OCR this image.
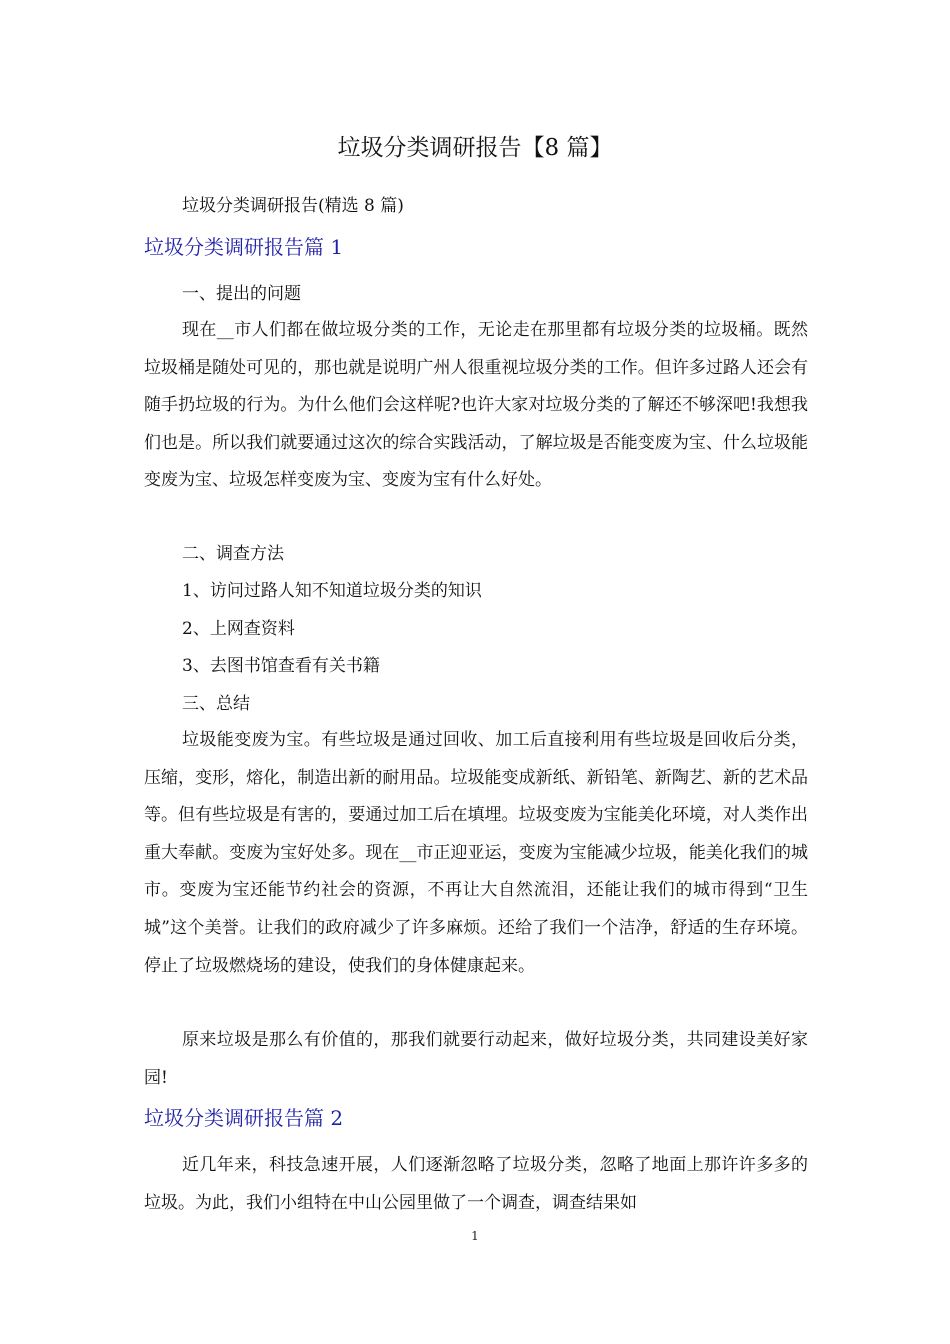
垃圾分类调研报告【8 篇】

垃圾分类调研报告(精选 8 篇)

垃圾分类调研报告篇 1

一、提出的问题

现在__市人们都在做垃圾分类的工作，无论走在那里都有垃圾分类的垃圾桶。既然垃圾桶是随处可见的，那也就是说明广州人很重视垃圾分类的工作。但许多过路人还会有随手扔垃圾的行为。为什么他们会这样呢?也许大家对垃圾分类的了解还不够深吧!我想我们也是。所以我们就要通过这次的综合实践活动，了解垃圾是否能变废为宝、什么垃圾能变废为宝、垃圾怎样变废为宝、变废为宝有什么好处。

二、调查方法

1、访问过路人知不知道垃圾分类的知识

2、上网查资料

3、去图书馆查看有关书籍

三、总结

垃圾能变废为宝。有些垃圾是通过回收、加工后直接利用有些垃圾是回收后分类，压缩，变形，熔化，制造出新的耐用品。垃圾能变成新纸、新铅笔、新陶艺、新的艺术品等。但有些垃圾是有害的，要通过加工后在填埋。垃圾变废为宝能美化环境，对人类作出重大奉献。变废为宝好处多。现在__市正迎亚运，变废为宝能减少垃圾，能美化我们的城市。变废为宝还能节约社会的资源，不再让大自然流泪，还能让我们的城市得到“卫生城”这个美誉。让我们的政府减少了许多麻烦。还给了我们一个洁净，舒适的生存环境。停止了垃圾燃烧场的建设，使我们的身体健康起来。

原来垃圾是那么有价值的，那我们就要行动起来，做好垃圾分类，共同建设美好家园!

垃圾分类调研报告篇 2

近几年来，科技急速开展，人们逐渐忽略了垃圾分类，忽略了地面上那许许多多的垃圾。为此，我们小组特在中山公园里做了一个调查，调查结果如

1
